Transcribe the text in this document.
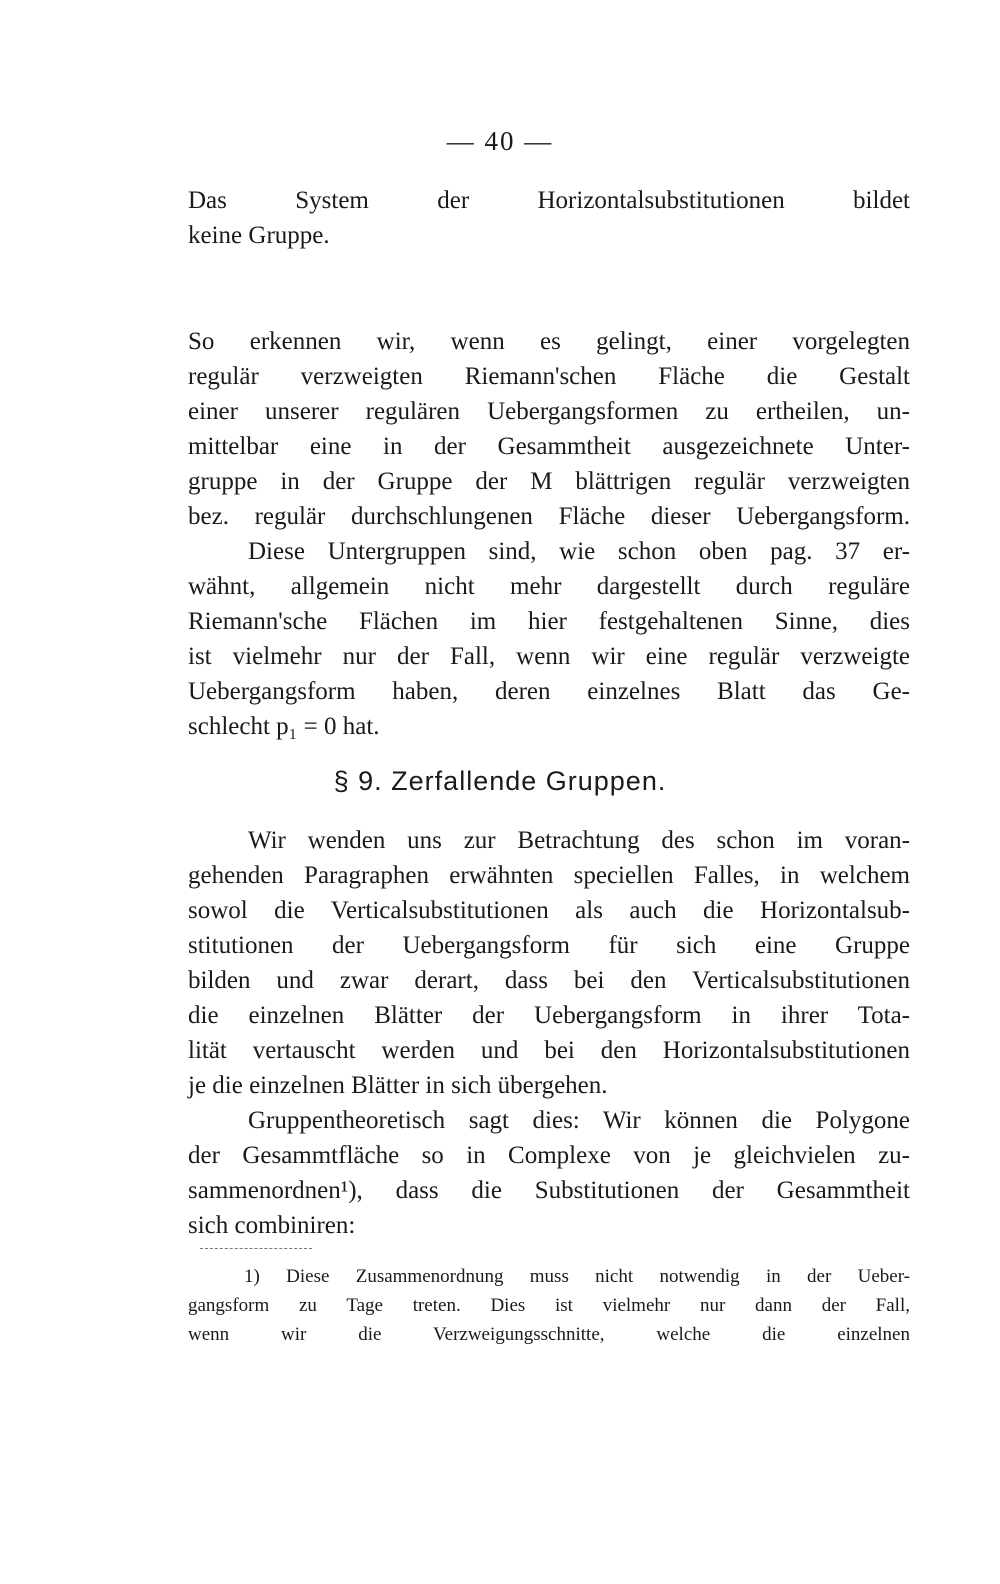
— 40 —
Das System der Horizontalsubstitutionen bildet
keine Gruppe.
So erkennen wir, wenn es gelingt, einer vorgelegten
regulär verzweigten Riemann'schen Fläche die Gestalt
einer unserer regulären Uebergangsformen zu ertheilen, un-
mittelbar eine in der Gesammtheit ausgezeichnete Unter-
gruppe in der Gruppe der M blättrigen regulär verzweigten
bez. regulär durchschlungenen Fläche dieser Uebergangsform.
Diese Untergruppen sind, wie schon oben pag. 37 er-
wähnt, allgemein nicht mehr dargestellt durch reguläre
Riemann'sche Flächen im hier festgehaltenen Sinne, dies
ist vielmehr nur der Fall, wenn wir eine regulär verzweigte
Uebergangsform haben, deren einzelnes Blatt das Ge-
schlecht p₁ = 0 hat.
§ 9. Zerfallende Gruppen.
Wir wenden uns zur Betrachtung des schon im voran-
gehenden Paragraphen erwähnten speciellen Falles, in welchem
sowol die Verticalsubstitutionen als auch die Horizontalsub-
stitutionen der Uebergangsform für sich eine Gruppe
bilden und zwar derart, dass bei den Verticalsubstitutionen
die einzelnen Blätter der Uebergangsform in ihrer Tota-
lität vertauscht werden und bei den Horizontalsubstitutionen
je die einzelnen Blätter in sich übergehen.
Gruppentheoretisch sagt dies: Wir können die Polygone
der Gesammtfläche so in Complexe von je gleichvielen zu-
sammenordnen¹), dass die Substitutionen der Gesammtheit
sich combiniren:
1) Diese Zusammenordnung muss nicht notwendig in der Ueber-
gangsform zu Tage treten. Dies ist vielmehr nur dann der Fall,
wenn wir die Verzweigungsschnitte, welche die einzelnen
